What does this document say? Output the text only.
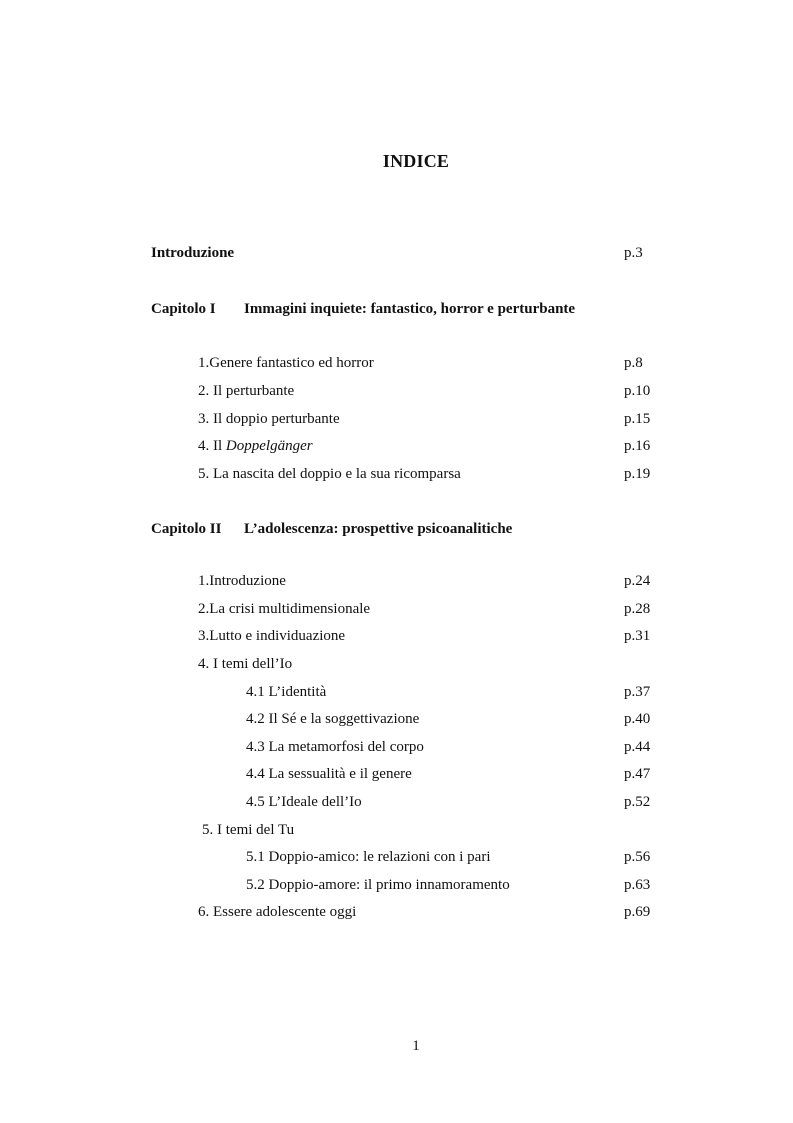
INDICE
Introduzione	p.3
Capitolo I Immagini inquiete: fantastico, horror e perturbante
1.Genere fantastico ed horror	p.8
2. Il perturbante	p.10
3. Il doppio perturbante	p.15
4. Il Doppelgänger	p.16
5. La nascita del doppio e la sua ricomparsa	p.19
Capitolo II L’adolescenza: prospettive psicoanalitiche
1.Introduzione	p.24
2.La crisi multidimensionale	p.28
3.Lutto e individuazione	p.31
4. I temi dell’Io
4.1 L’identità	p.37
4.2 Il Sé e la soggettivazione	p.40
4.3 La metamorfosi del corpo	p.44
4.4 La sessualità e il genere	p.47
4.5 L’Ideale dell’Io	p.52
5. I temi del Tu
5.1 Doppio-amico: le relazioni con i pari	p.56
5.2 Doppio-amore: il primo innamoramento	p.63
6. Essere adolescente oggi	p.69
1
